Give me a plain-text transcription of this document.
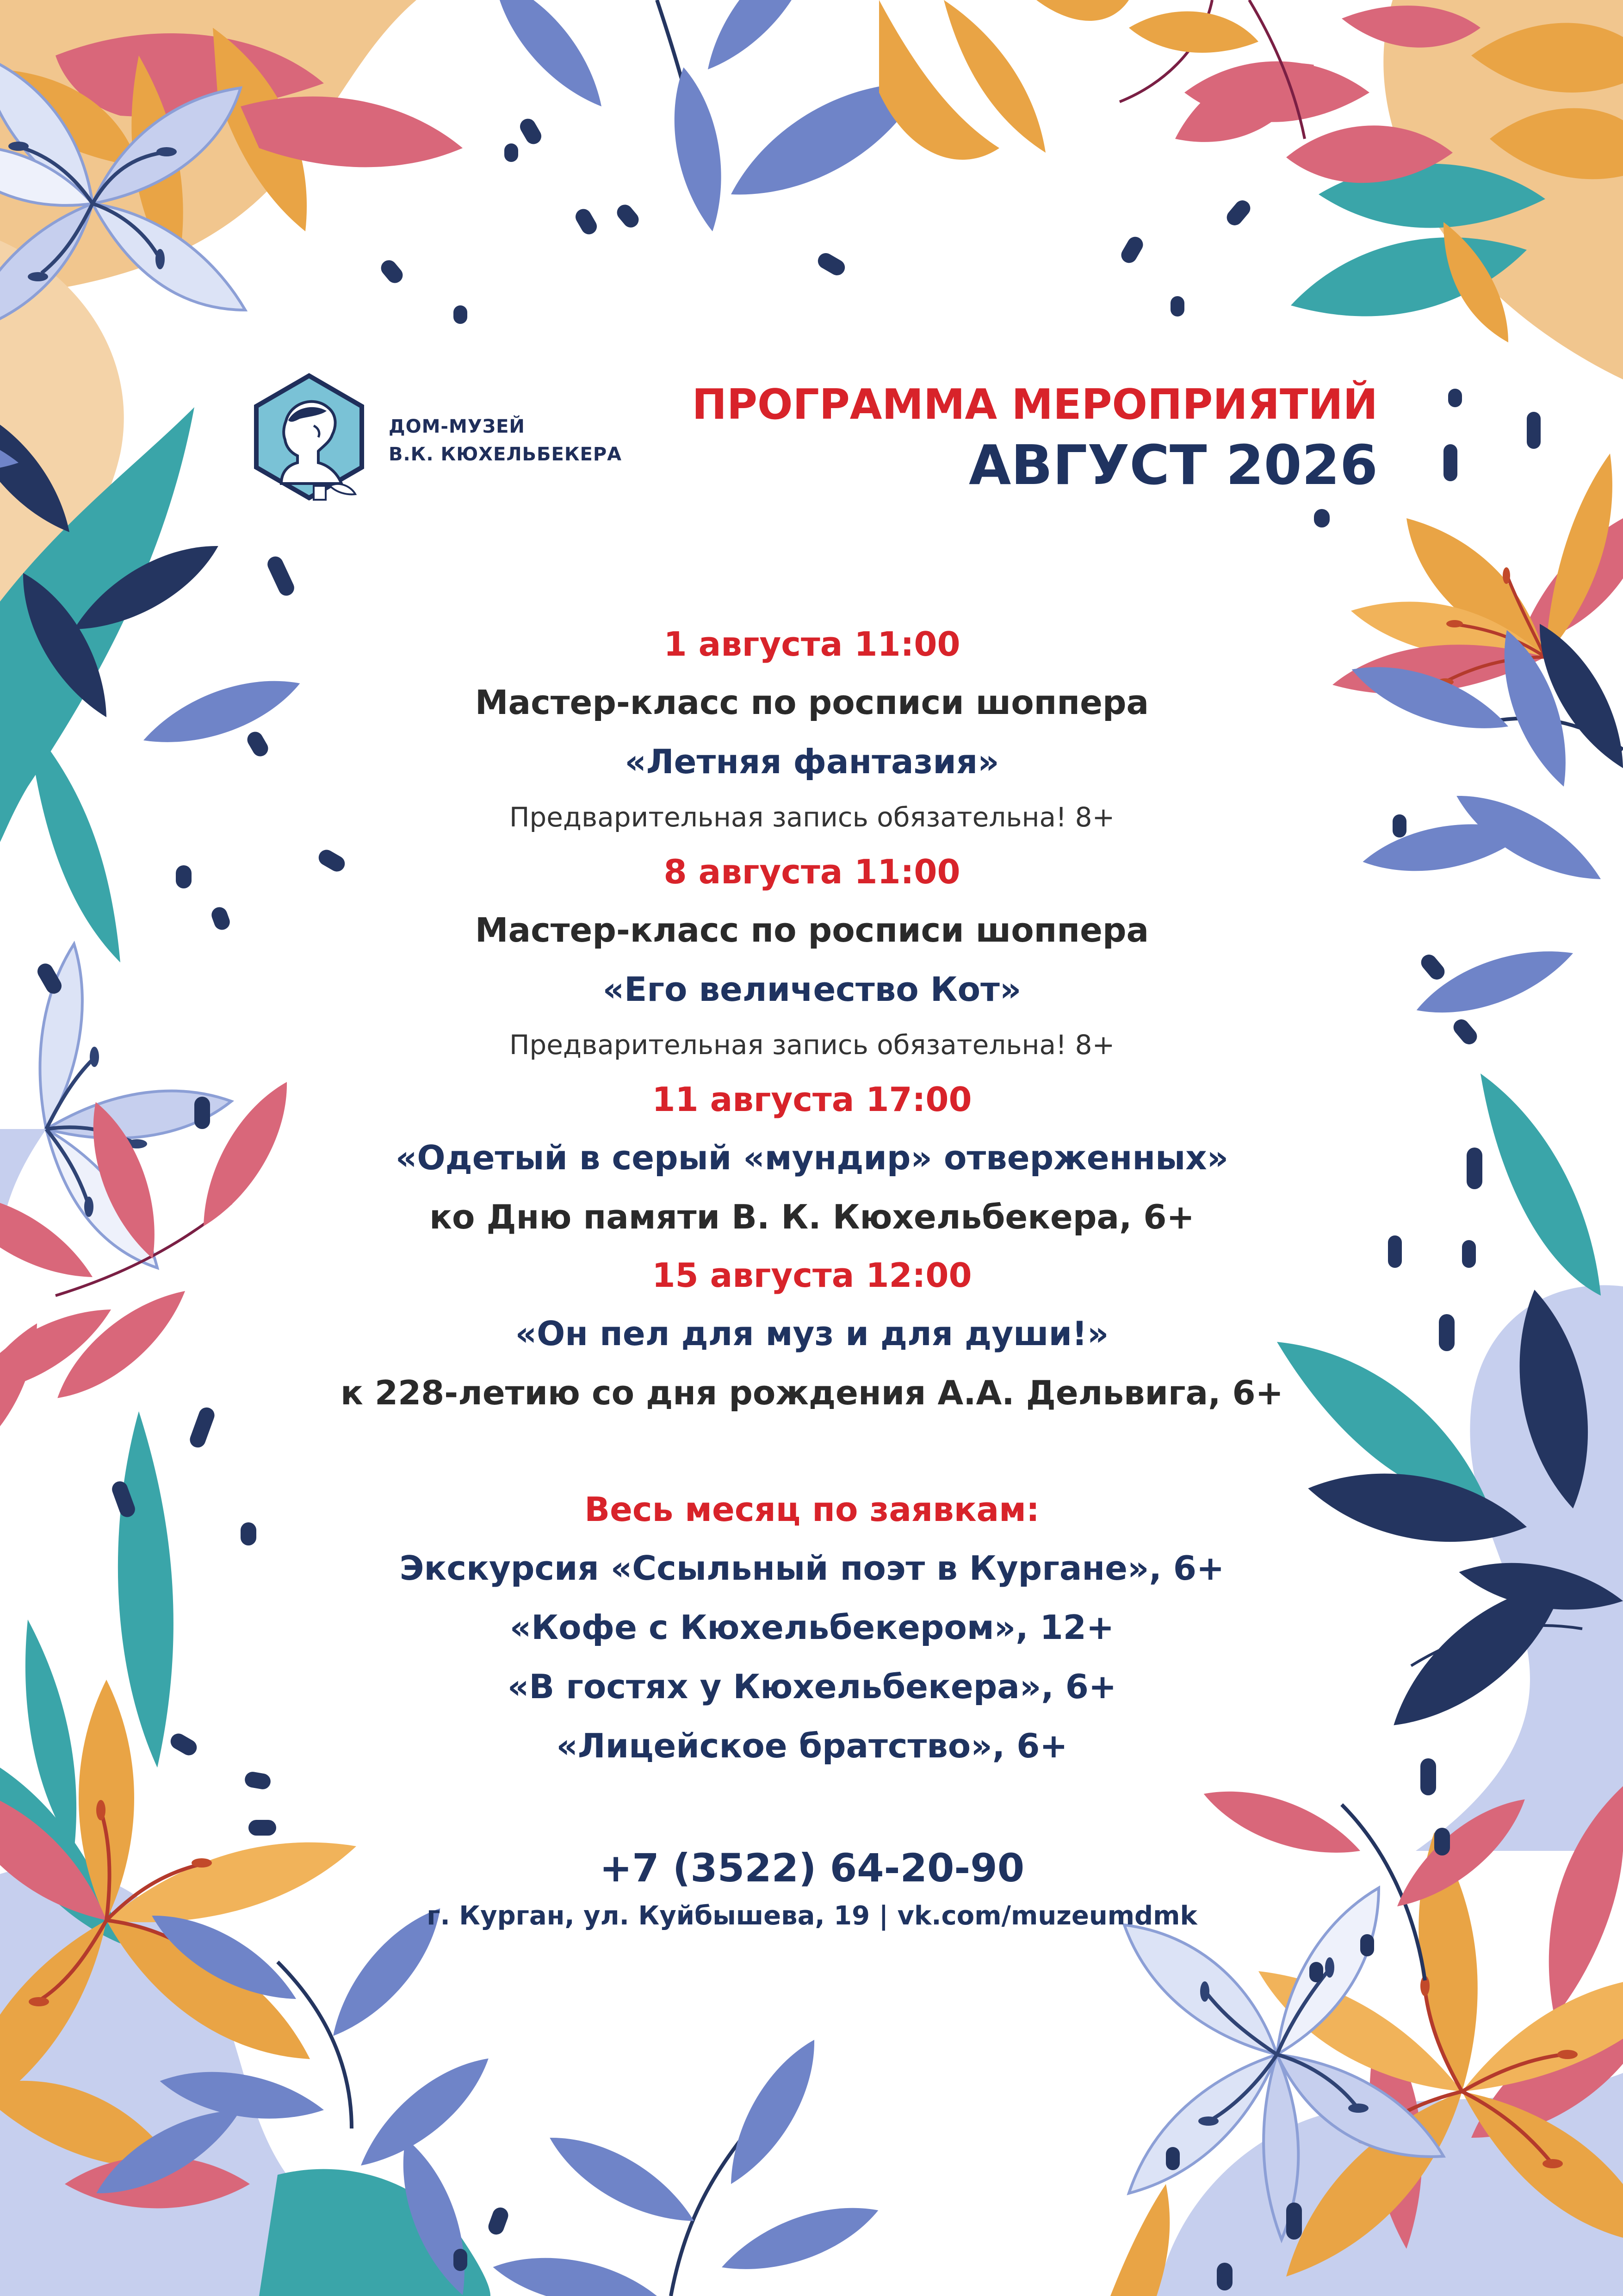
ДОМ-МУЗЕЙ
В.К. КЮХЕЛЬБЕКЕРА
ПРОГРАММА МЕРОПРИЯТИЙ
АВГУСТ 2026
1 августа 11:00
Мастер-класс по росписи шоппера
«Летняя фантазия»
Предварительная запись обязательна! 8+
8 августа 11:00
Мастер-класс по росписи шоппера
«Его величество Кот»
Предварительная запись обязательна! 8+
11 августа 17:00
«Одетый в серый «мундир» отверженных»
ко Дню памяти В. К. Кюхельбекера, 6+
15 августа 12:00
«Он пел для муз и для души!»
к 228-летию со дня рождения А.А. Дельвига, 6+
Весь месяц по заявкам:
Экскурсия «Ссыльный поэт в Кургане», 6+
«Кофе с Кюхельбекером», 12+
«В гостях у Кюхельбекера», 6+
«Лицейское братство», 6+
+7 (3522) 64-20-90
г. Курган, ул. Куйбышева, 19 | vk.com/muzeumdmk
